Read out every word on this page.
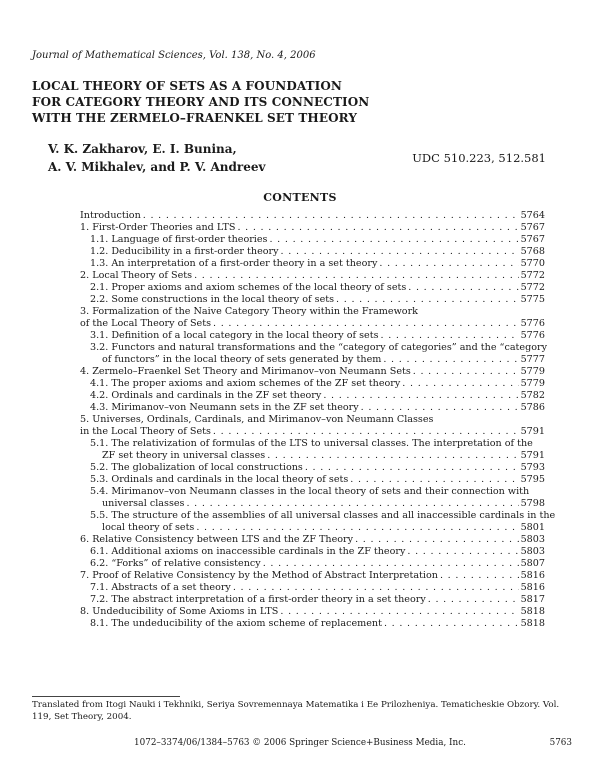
Journal of Mathematical Sciences, Vol. 138, No. 4, 2006
LOCAL THEORY OF SETS AS A FOUNDATION
FOR CATEGORY THEORY AND ITS CONNECTION
WITH THE ZERMELO–FRAENKEL SET THEORY
V. K. Zakharov, E. I. Bunina,
A. V. Mikhalev, and P. V. Andreev
UDC 510.223, 512.581
CONTENTS
Introduction . . .	5764
1. First-Order Theories and LTS . . .	5767
1.1. Language of first-order theories . . .	5767
1.2. Deducibility in a first-order theory . . .	5768
1.3. An interpretation of a first-order theory in a set theory . . .	5770
2. Local Theory of Sets . . .	5772
2.1. Proper axioms and axiom schemes of the local theory of sets . . .	5772
2.2. Some constructions in the local theory of sets . . .	5775
3. Formalization of the Naive Category Theory within the Framework
of the Local Theory of Sets . . .	5776
3.1. Definition of a local category in the local theory of sets . . .	5776
3.2. Functors and natural transformations and the “category of categories” and the “category
of functors” in the local theory of sets generated by them . . .	5777
4. Zermelo–Fraenkel Set Theory and Mirimanov–von Neumann Sets . . .	5779
4.1. The proper axioms and axiom schemes of the ZF set theory . . .	5779
4.2. Ordinals and cardinals in the ZF set theory . . .	5782
4.3. Mirimanov–von Neumann sets in the ZF set theory . . .	5786
5. Universes, Ordinals, Cardinals, and Mirimanov–von Neumann Classes
in the Local Theory of Sets . . .	5791
5.1. The relativization of formulas of the LTS to universal classes. The interpretation of the
ZF set theory in universal classes . . .	5791
5.2. The globalization of local constructions . . .	5793
5.3. Ordinals and cardinals in the local theory of sets . . .	5795
5.4. Mirimanov–von Neumann classes in the local theory of sets and their connection with
universal classes . . .	5798
5.5. The structure of the assemblies of all universal classes and all inaccessible cardinals in the
local theory of sets . . .	5801
6. Relative Consistency between LTS and the ZF Theory . . .	5803
6.1. Additional axioms on inaccessible cardinals in the ZF theory . . .	5803
6.2. “Forks” of relative consistency . . .	5807
7. Proof of Relative Consistency by the Method of Abstract Interpretation . . .	5816
7.1. Abstracts of a set theory . . .	5816
7.2. The abstract interpretation of a first-order theory in a set theory . . .	5817
8. Undeducibility of Some Axioms in LTS . . .	5818
8.1. The undeducibility of the axiom scheme of replacement . . .	5818
Translated from Itogi Nauki i Tekhniki, Seriya Sovremennaya Matematika i Ee Prilozheniya. Tematicheskie Obzory. Vol. 119, Set Theory, 2004.
1072–3374/06/1384–5763 © 2006 Springer Science+Business Media, Inc.	5763
